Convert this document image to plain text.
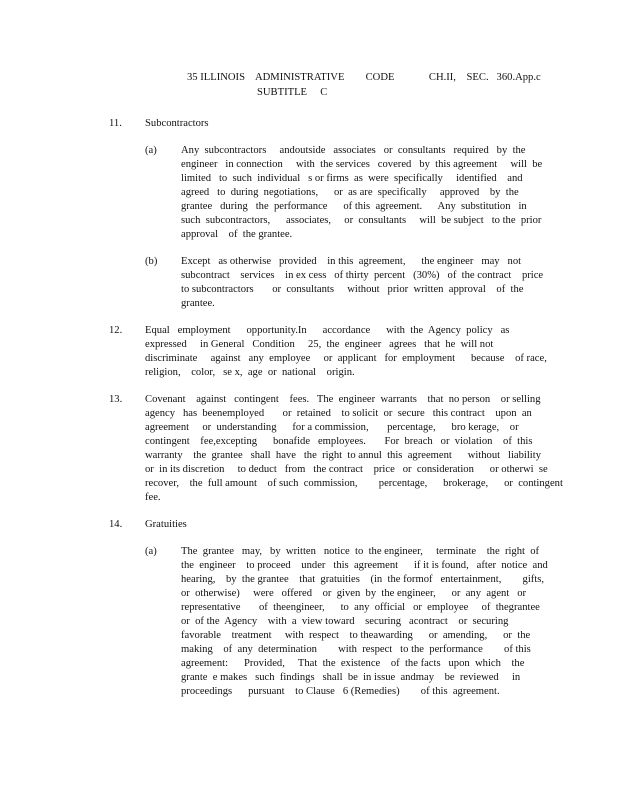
35 ILLINOIS    ADMINISTRATIVE        CODE             CH.II,    SEC.   360.App.c
SUBTITLE     C
11. Subcontractors
(a) Any  subcontractors     andoutside   associates   or  consultants   required   by  the
engineer   in connection     with  the services   covered   by  this agreement     will  be
limited   to  such  individual   s or firms  as  were  specifically     identified    and
agreed   to  during  negotiations,      or  as are  specifically     approved    by  the
grantee   during   the  performance      of this  agreement.      Any  substitution   in
such  subcontractors,      associates,     or  consultants     will  be subject   to the  prior
approval    of  the grantee.
(b) Except   as otherwise   provided    in this  agreement,      the engineer   may   not
subcontract    services    in ex cess   of thirty  percent   (30%)   of  the contract    price
to subcontractors       or  consultants     without   prior  written  approval    of  the
grantee.
12. Equal   employment      opportunity.In      accordance      with  the  Agency  policy   as
expressed     in General   Condition     25,  the  engineer   agrees   that  he  will not
discriminate     against   any  employee     or  applicant   for  employment      because    of race,
religion,    color,   se x,  age  or  national    origin.
13. Covenant    against   contingent    fees.   The  engineer  warrants    that  no person    or selling
agency   has  beenemployed       or  retained    to solicit  or  secure   this contract    upon  an
agreement     or  understanding      for a commission,       percentage,      bro kerage,    or
contingent    fee,excepting      bonafide   employees.       For  breach   or  violation    of  this
warranty    the  grantee   shall  have   the  right  to annul  this  agreement      without   liability
or  in its discretion     to deduct   from   the contract    price   or  consideration      or otherwi  se
recover,    the  full amount    of such  commission,        percentage,      brokerage,      or  contingent
fee.
14. Gratuities
(a) The  grantee   may,   by  written   notice  to  the engineer,     terminate    the  right  of
the  engineer    to proceed    under   this  agreement      if it is found,   after  notice  and
hearing,    by  the grantee    that  gratuities    (in  the formof   entertainment,        gifts,
or  otherwise)     were   offered    or  given  by  the engineer,      or  any  agent   or
representative       of  theengineer,      to  any  official   or  employee     of  thegrantee
or  of the  Agency    with  a  view toward    securing   acontract    or  securing
favorable    treatment     with  respect    to theawarding      or  amending,      or  the
making    of  any  determination        with  respect   to the  performance        of this
agreement:      Provided,     That  the  existence    of  the facts   upon  which    the
grante  e makes   such  findings   shall  be  in issue  andmay    be  reviewed     in
proceedings      pursuant    to Clause   6 (Remedies)        of this  agreement.
